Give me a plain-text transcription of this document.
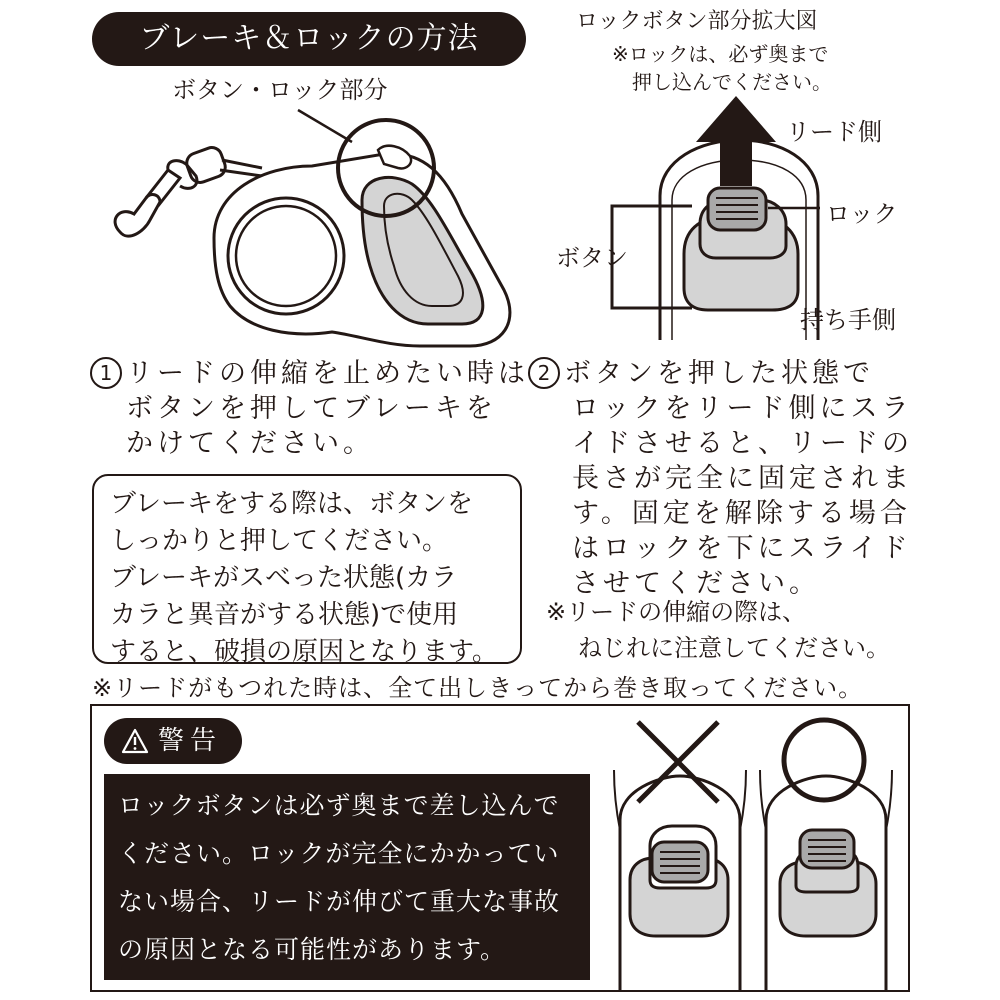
ブレーキ＆ロックの方法
ボタン・ロック部分
ロックボタン部分拡大図
※ロックは、必ず奥まで
押し込んでください。
リード側
ロック
ボタン
持ち手側
1 リードの伸縮を止めたい時は
ボタンを押してブレーキを
かけてください。
2 ボタンを押した状態で
ロックをリード側にスラ
イドさせると、リードの
長さが完全に固定されま
す。固定を解除する場合
はロックを下にスライド
させてください。
ブレーキをする際は、ボタンを
しっかりと押してください。
ブレーキがスベった状態(カラ
カラと異音がする状態)で使用
すると、破損の原因となります。
※リードの伸縮の際は、
ねじれに注意してください。
※リードがもつれた時は、全て出しきってから巻き取ってください。
警告
ロックボタンは必ず奥まで差し込んで
ください。ロックが完全にかかってい
ない場合、リードが伸びて重大な事故
の原因となる可能性があります。
